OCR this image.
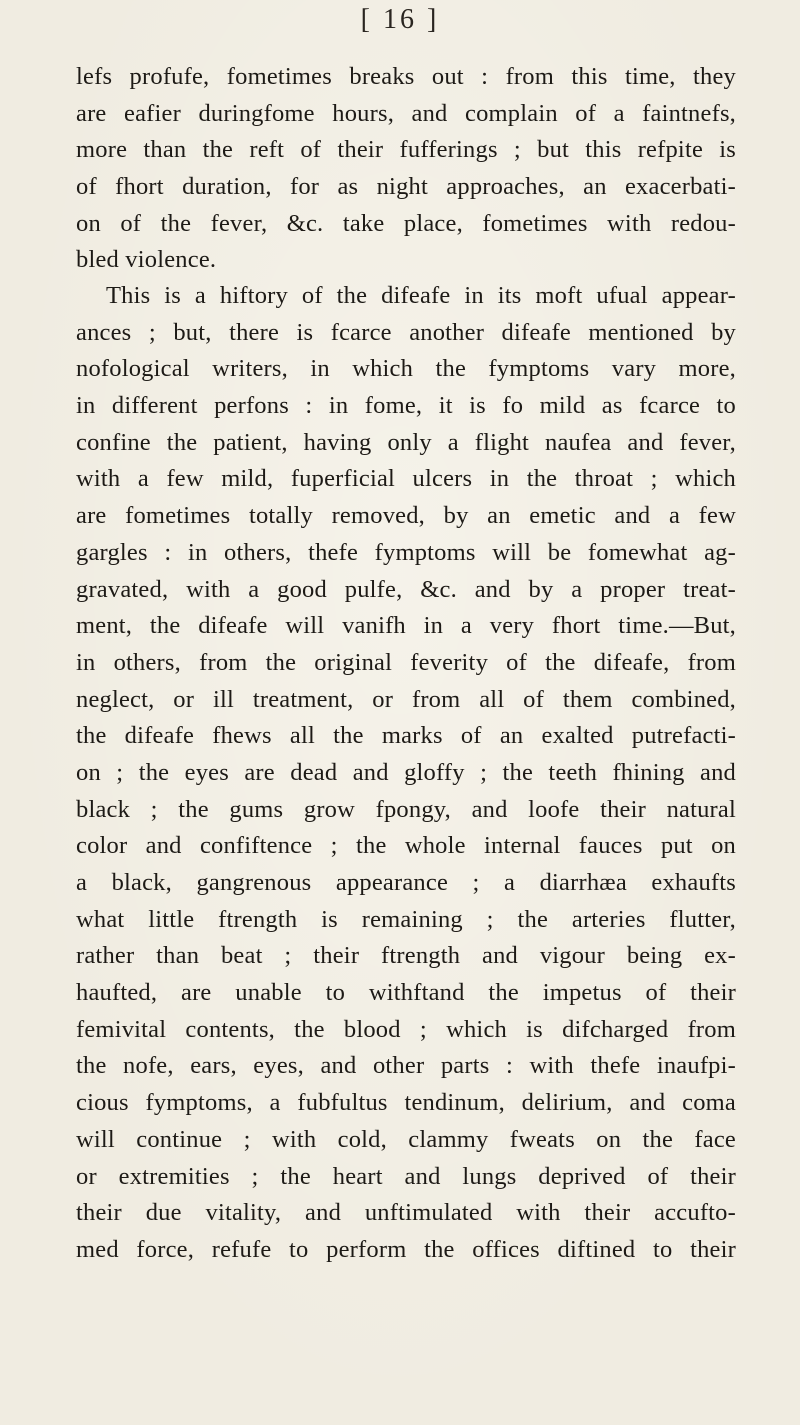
[ 16 ]
lefs profufe, fometimes breaks out : from this time, they
are eafier duringfome hours, and complain of a faintnefs,
more than the reft of their fufferings ; but this refpite is
of fhort duration, for as night approaches, an exacerbati-
on of the fever, &c. take place, fometimes with redou-
bled violence.
This is a hiftory of the difeafe in its moft ufual appear-
ances ; but, there is fcarce another difeafe mentioned by
nofological writers, in which the fymptoms vary more,
in different perfons : in fome, it is fo mild as fcarce to
confine the patient, having only a flight naufea and fever,
with a few mild, fuperficial ulcers in the throat ; which
are fometimes totally removed, by an emetic and a few
gargles : in others, thefe fymptoms will be fomewhat ag-
gravated, with a good pulfe, &c. and by a proper treat-
ment, the difeafe will vanifh in a very fhort time.—But,
in others, from the original feverity of the difeafe, from
neglect, or ill treatment, or from all of them combined,
the difeafe fhews all the marks of an exalted putrefacti-
on ; the eyes are dead and gloffy ; the teeth fhining and
black ; the gums grow fpongy, and loofe their natural
color and confiftence ; the whole internal fauces put on
a black, gangrenous appearance ; a diarrhæa exhaufts
what little ftrength is remaining ; the arteries flutter,
rather than beat ; their ftrength and vigour being ex-
haufted, are unable to withftand the impetus of their
femivital contents, the blood ; which is difcharged from
the nofe, ears, eyes, and other parts : with thefe inaufpi-
cious fymptoms, a fubfultus tendinum, delirium, and coma
will continue ; with cold, clammy fweats on the face
or extremities ; the heart and lungs deprived of their
their due vitality, and unftimulated with their accufto-
med force, refufe to perform the offices diftined to their
